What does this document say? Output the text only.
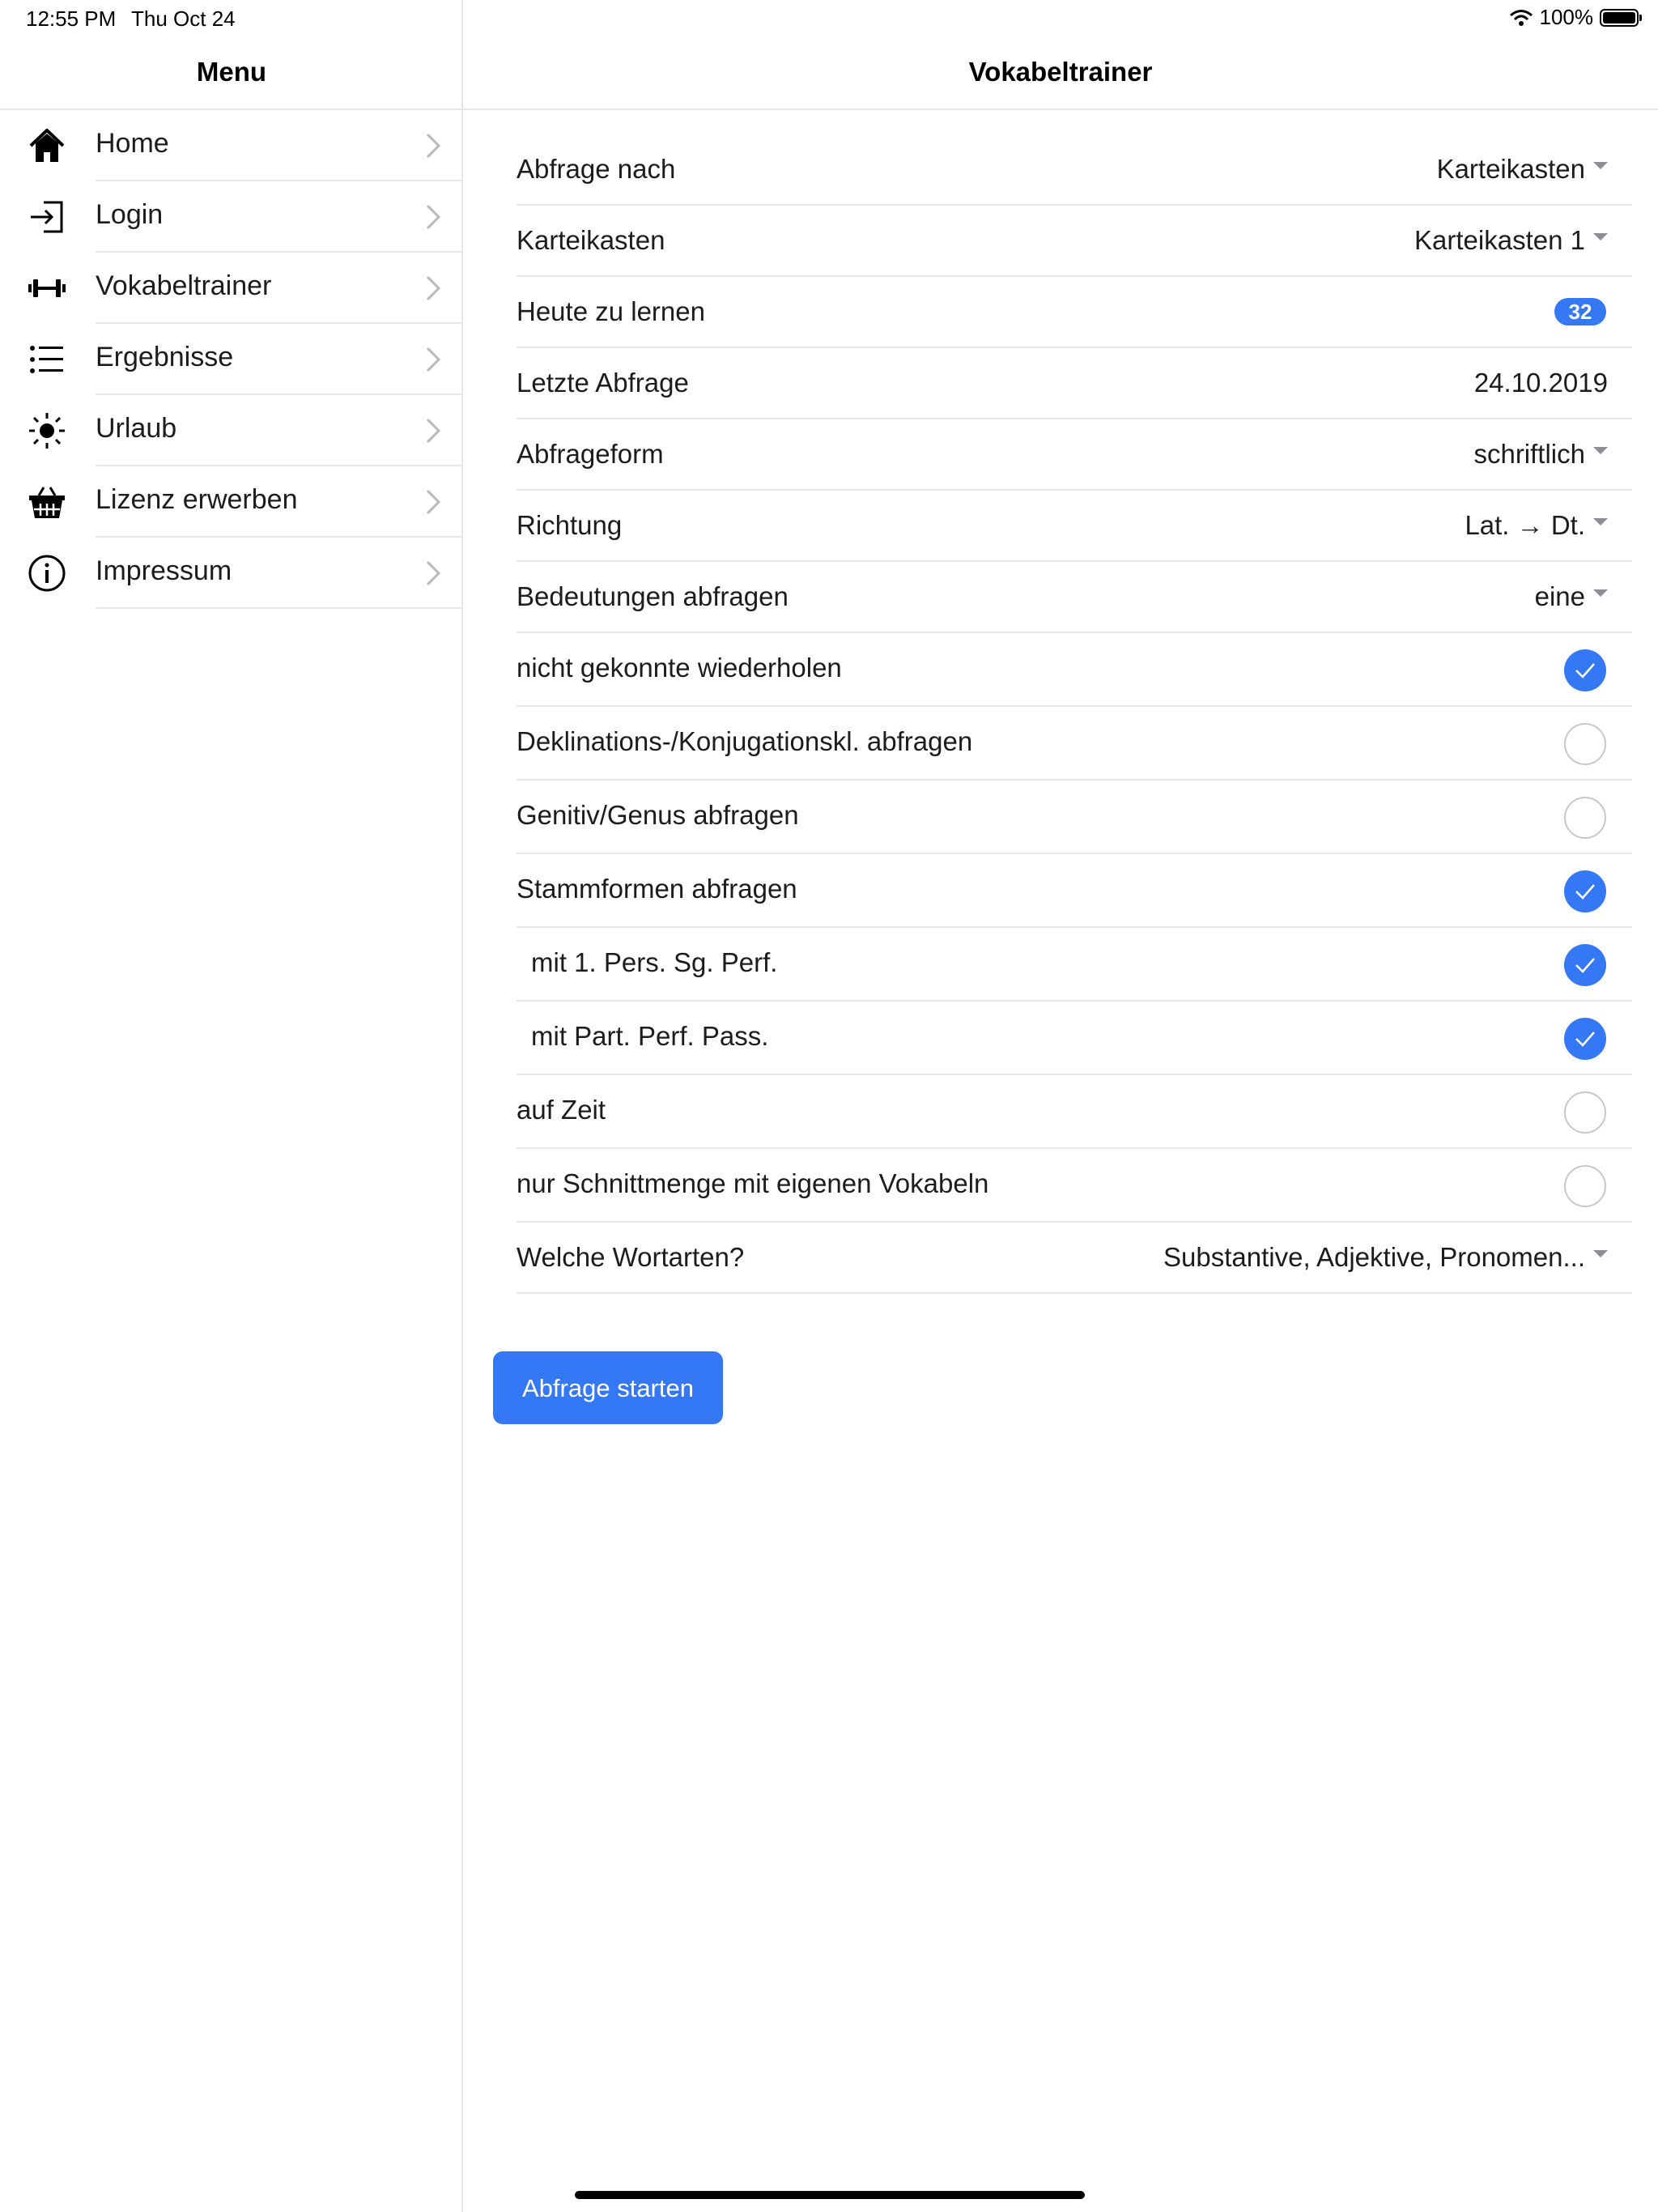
12:55 PM Thu Oct 24	100%
Menu
Home
Login
Vokabeltrainer
Ergebnisse
Urlaub
Lizenz erwerben
Impressum
Vokabeltrainer
Abfrage nach	Karteikasten
Karteikasten	Karteikasten 1
Heute zu lernen	32
Letzte Abfrage	24.10.2019
Abfrageform	schriftlich
Richtung	Lat. → Dt.
Bedeutungen abfragen	eine
nicht gekonnte wiederholen
Deklinations-/Konjugationskl. abfragen
Genitiv/Genus abfragen
Stammformen abfragen
mit 1. Pers. Sg. Perf.
mit Part. Perf. Pass.
auf Zeit
nur Schnittmenge mit eigenen Vokabeln
Welche Wortarten?	Substantive, Adjektive, Pronomen...
Abfrage starten
